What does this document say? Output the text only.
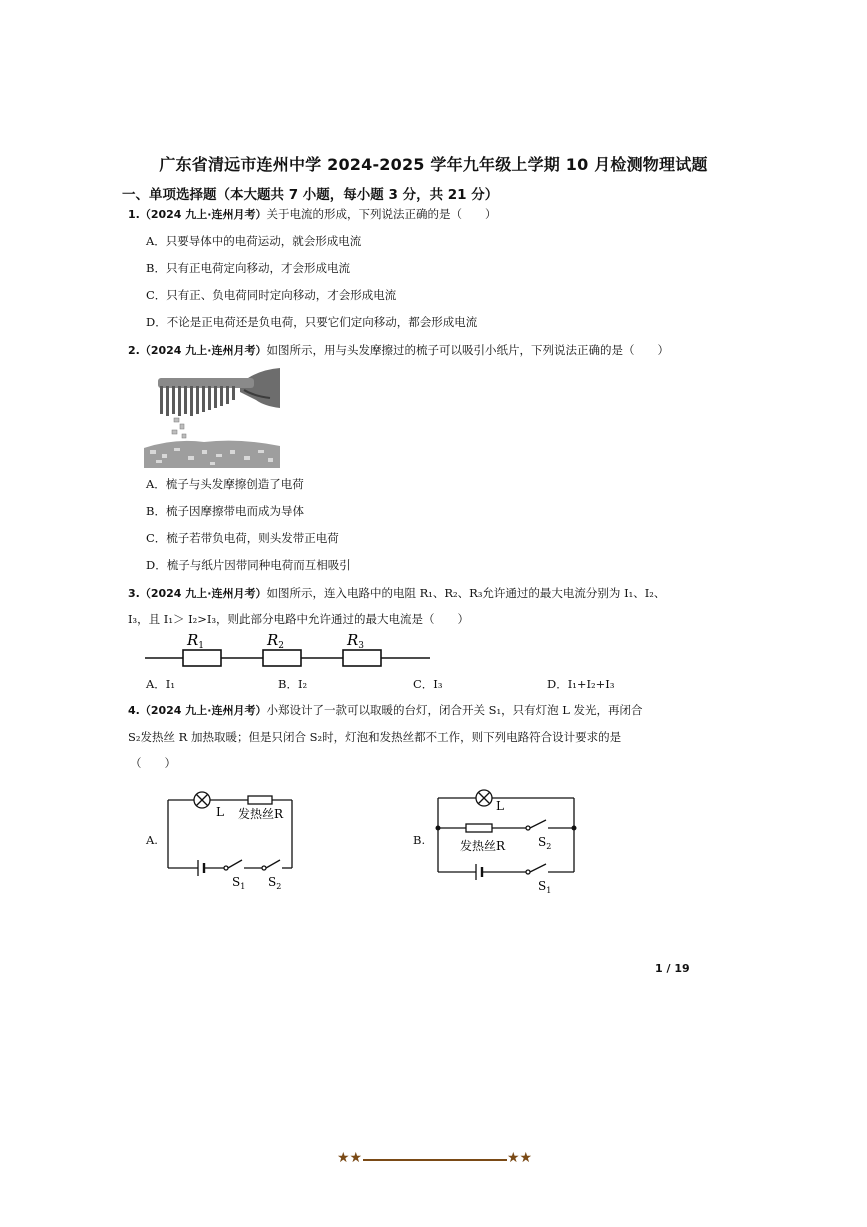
广东省清远市连州中学 2024-2025 学年九年级上学期 10 月检测物理试题
一、单项选择题（本大题共 7 小题，每小题 3 分，共 21 分）
1.（2024 九上·连州月考）关于电流的形成，下列说法正确的是（　　）
A．只要导体中的电荷运动，就会形成电流
B．只有正电荷定向移动，才会形成电流
C．只有正、负电荷同时定向移动，才会形成电流
D．不论是正电荷还是负电荷，只要它们定向移动，都会形成电流
2.（2024 九上·连州月考）如图所示，用与头发摩擦过的梳子可以吸引小纸片，下列说法正确的是（　　）
A．梳子与头发摩擦创造了电荷
B．梳子因摩擦带电而成为导体
C．梳子若带负电荷，则头发带正电荷
D．梳子与纸片因带同种电荷而互相吸引
3.（2024 九上·连州月考）如图所示，连入电路中的电阻 R₁、R₂、R₃允许通过的最大电流分别为 I₁、I₂、
I₃，且 I₁＞ I₂>I₃，则此部分电路中允许通过的最大电流是（　　）
$R_1$	$R_2$	$R_3$
A．I₁	B．I₂	C．I₃	D．I₁+I₂+I₃
4.（2024 九上·连州月考）小郑设计了一款可以取暖的台灯，闭合开关 S₁，只有灯泡 L 发光，再闭合
S₂发热丝 R 加热取暖；但是只闭合 S₂时，灯泡和发热丝都不工作，则下列电路符合设计要求的是
（　　）
A.
L 发热丝R
$S_1$ $S_2$
B.
L
发热丝R	$S_2$
$S_1$
1 / 19
★★	★★
